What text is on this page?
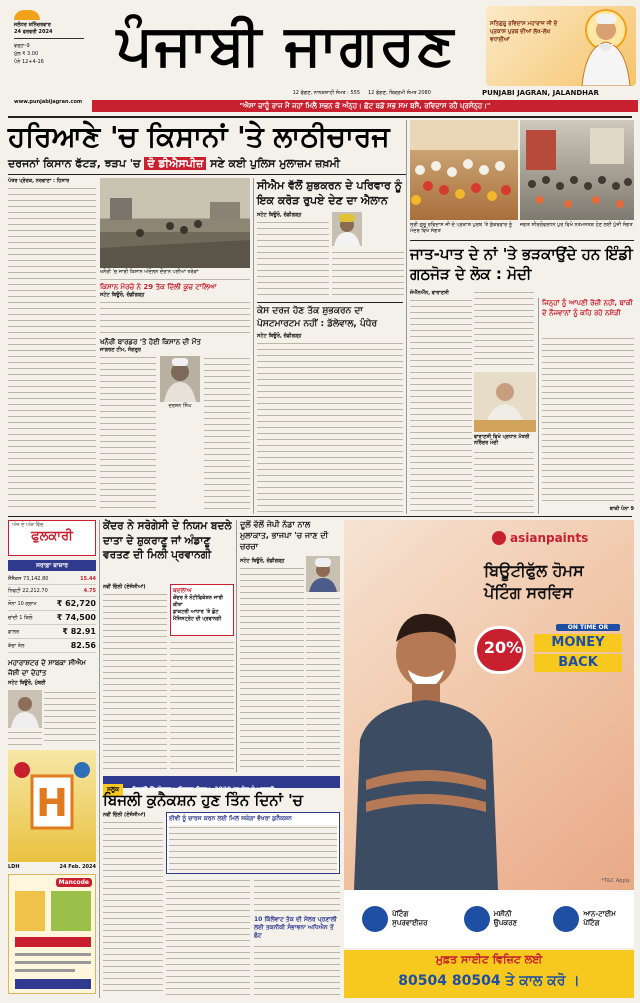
ਜਲੰਧਰ ਸ਼ਨਿੱਚਰਵਾਰ
24 ਫਰਵਰੀ 2024
ਵਰ੍ਹਾ-9
ਮੁੱਲ ₹ 3.00
ਪੰਨੇ 12+4-16
www.punjabijagran.com
ਪੰਜਾਬੀ ਜਾਗਰਣ
12 ਫੱਗਣ, ਨਾਨਕਸ਼ਾਹੀ ਸੰਮਤ : 555 12 ਫੱਗਣ, ਬਿਕ੍ਰਮੀ ਸੰਮਤ 2080	PUNJABI JAGRAN, JALANDHAR
ਸਤਿਗੁਰੂ ਰਵਿਦਾਸ ਮਹਾਰਾਜ ਜੀ ਦੇ ਪ੍ਰਕਾਸ਼ ਪੁਰਬ ਦੀਆਂ ਲੱਖ-ਲੱਖ ਵਧਾਈਆਂ
"ਐਸਾ ਚਾਹੂੰ ਰਾਜ ਮੈਂ ਜਹਾਂ ਮਿਲੈ ਸਭਨ ਕੋ ਅੰਨ੍ਹ। ਛੋਟ ਬਡੋ ਸਭ ਸਮ ਬਸੈ, ਰਵਿਦਾਸ ਰਹੈ ਪ੍ਰਸੰਨ੍ਹ।"
ਹਰਿਆਣੇ 'ਚ ਕਿਸਾਨਾਂ 'ਤੇ ਲਾਠੀਚਾਰਜ
ਦਰਜਨਾਂ ਕਿਸਾਨ ਫੱਟੜ, ਝੜਪ 'ਚ ਦੋ ਡੀਐਸਪੀਜ਼ ਸਣੇ ਕਈ ਪੁਲਿਸ ਮੁਲਾਜ਼ਮ ਜ਼ਖ਼ਮੀ
ਪੱਤਰ ਪ੍ਰੇਰਕ, ਨਰਵਾਣਾ : ਹਿਸਾਰ
ਖਨੌਰੀ 'ਚ ਜਾਰੀ ਕਿਸਾਨ ਅੰਦੋਲਨ ਦੌਰਾਨ ਪਈਆਂ ਤਰੇੜਾਂ
ਕਿਸਾਨ ਮੋਰਚੇ ਨੇ 29 ਤੱਕ ਦਿੱਲੀ ਕੂਚ ਟਾਲਿਆ
ਸਟੇਟ ਬਿਊਰੋ, ਚੰਡੀਗੜ੍ਹ
ਖਨੌਰੀ ਬਾਰਡਰ 'ਤੇ ਹੋਈ ਕਿਸਾਨ ਦੀ ਮੌਤ
ਜਾਗਰਣ ਟੀਮ, ਸੰਗਰੂਰ
ਦਰਸ਼ਨ ਸਿੰਘ
ਸੀਐਮ ਵੱਲੋਂ ਸ਼ੁਭਕਰਨ ਦੇ ਪਰਿਵਾਰ ਨੂੰ ਇਕ ਕਰੋੜ ਰੁਪਏ ਦੇਣ ਦਾ ਐਲਾਨ
ਸਟੇਟ ਬਿਊਰੋ, ਚੰਡੀਗੜ੍ਹ
ਕੇਸ ਦਰਜ ਹੋਣ ਤੱਕ ਸ਼ੁਭਕਰਨ ਦਾ ਪੋਸਟਮਾਰਟਮ ਨਹੀਂ : ਡੱਲੇਵਾਲ, ਪੰਧੇਰ
ਸਟੇਟ ਬਿਊਰੋ, ਚੰਡੀਗੜ੍ਹ
ਸ੍ਰੀ ਗੁਰੂ ਰਵਿਦਾਸ ਜੀ ਦੇ ਪ੍ਰਕਾਸ਼ ਪੁਰਬ 'ਤੇ ਸ਼ੁੱਕਰਵਾਰ ਨੂੰ ਮੰਦਰ ਵਿਖੇ ਸੰਗਤ
ਜਗਤ ਸੀਰਗੋਵਰਧਨ ਪੁਰ ਵਿਖੇ ਨਤਮਸਤਕ ਹੋਣ ਲਈ ਪੁੱਜੀ ਸੰਗਤ
ਜਾਤ-ਪਾਤ ਦੇ ਨਾਂ 'ਤੇ ਭੜਕਾਉਂਦੇ ਹਨ ਇੰਡੀ ਗਠਜੋੜ ਦੇ ਲੋਕ : ਮੋਦੀ
ਜੇਐੱਨਐੱਨ, ਵਾਰਾਣਸੀ
ਵਾਰਾਣਸੀ ਵਿਖੇ ਪ੍ਰਧਾਨ ਮੰਤਰੀ ਨਰਿੰਦਰ ਮੋਦੀ
ਜਿਨ੍ਹਾਂ ਨੂੰ ਆਪਣੀ ਰੋਜ਼ੀ ਨਹੀਂ, ਬਾਕੀ ਦੇ ਨੌਜਵਾਨਾਂ ਨੂੰ ਕਹਿ ਰਹੇ ਨਸ਼ੇੜੀ
ਬਾਕੀ ਪੰਨਾ 9
ਅੱਜ ਦੇ ਅੰਕ ਵਿੱਚ
ਫੁਲਕਾਰੀ
ਸਰਾਫ਼ਾ ਬਾਜ਼ਾਰ
ਸੈਂਸੈਕਸ 73,142.80	15.44
ਨਿਫਟੀ 22,212.70	4.75
ਸੋਨਾ 10 ਗ੍ਰਾਮ	₹ 62,720
ਚਾਂਦੀ 1 ਕਿਲੋ	₹ 74,500
ਡਾਲਰ	₹ 82.91
ਕੱਚਾ ਤੇਲ	82.56
ਮਹਾਰਾਸ਼ਟਰ ਦੇ ਸਾਬਕਾ ਸੀਐਮ ਜੋਸ਼ੀ ਦਾ ਦੇਹਾਂਤ
ਸਟੇਟ ਬਿਊਰੋ, ਮੁੰਬਈ
H
LDH	24 Feb. 2024
Mancode
ਕੇਂਦਰ ਨੇ ਸਰੋਗੇਸੀ ਦੇ ਨਿਯਮ ਬਦਲੇ ਦਾਤਾ ਦੇ ਸ਼ੁਕਰਾਣੂ ਜਾਂ ਅੰਡਾਣੂ ਵਰਤਣ ਦੀ ਮਿਲੀ ਪ੍ਰਵਾਨਗੀ
ਨਵੀਂ ਦਿੱਲੀ (ਏਜੰਸੀਆਂ)	ਬਦਲਾਅ
ਕੇਂਦਰ ਨੇ ਨੋਟੀਫਿਕੇਸ਼ਨ ਜਾਰੀ ਕੀਤਾ
ਡਾਕਟਰੀ ਆਧਾਰ 'ਤੇ ਛੋਟ
ਮੈਜਿਸਟ੍ਰੇਟ ਦੀ ਪ੍ਰਵਾਨਗੀ
ਦੂਲੋਂ ਵੱਲੋਂ ਜੇਪੀ ਨੱਡਾ ਨਾਲ ਮੁਲਾਕਾਤ, ਭਾਜਪਾ 'ਚ ਜਾਣ ਦੀ ਚਰਚਾ
ਸਟੇਟ ਬਿਊਰੋ, ਚੰਡੀਗੜ੍ਹ
ਸਲੂਕ ਬਿਜਲੀ ਉਪਭੋਗਤਾ ਅਧਿਕਾਰ ਨਿਯਮ, 2020 'ਚ ਸੋਧ ਨੂੰ ਮਨਜ਼ੂਰੀ
ਬਿਜਲੀ ਕੁਨੈਕਸ਼ਨ ਹੁਣ ਤਿੰਨ ਦਿਨਾਂ 'ਚ
ਨਵੀਂ ਦਿੱਲੀ (ਏਜੰਸੀਆਂ)	ਈਵੀ ਨੂੰ ਚਾਰਜ ਕਰਨ ਲਈ ਮਿਲ ਸਕੇਗਾ ਵੱਖਰਾ ਕੁਨੈਕਸ਼ਨ
10 ਕਿੱਲੋਵਾਟ ਤੱਕ ਦੀ ਸੋਲਰ ਪ੍ਰਣਾਲੀ ਲਈ ਤਕਨੀਕੀ ਸੰਭਾਵਨਾ ਅਧਿਐਨ ਤੋਂ ਛੋਟ
asianpaints
ਬਿਊਟੀਫੁੱਲ ਹੋਮਸ
ਪੇਂਟਿੰਗ ਸਰਵਿਸ
ON TIME OR
20%	MONEY
BACK
*T&C Apply
ਪੇਂਟਿੰਗ
ਸੁਪਰਵਾਈਜ਼ਰ
ਮਸ਼ੀਨੀ
ਉਪਕਰਣ
ਆਨ-ਟਾਈਮ
ਪੇਂਟਿੰਗ
ਮੁਫ਼ਤ ਸਾਈਟ ਵਿਜ਼ਿਟ ਲਈ
80504 80504 ਤੇ ਕਾਲ ਕਰੋ ।
